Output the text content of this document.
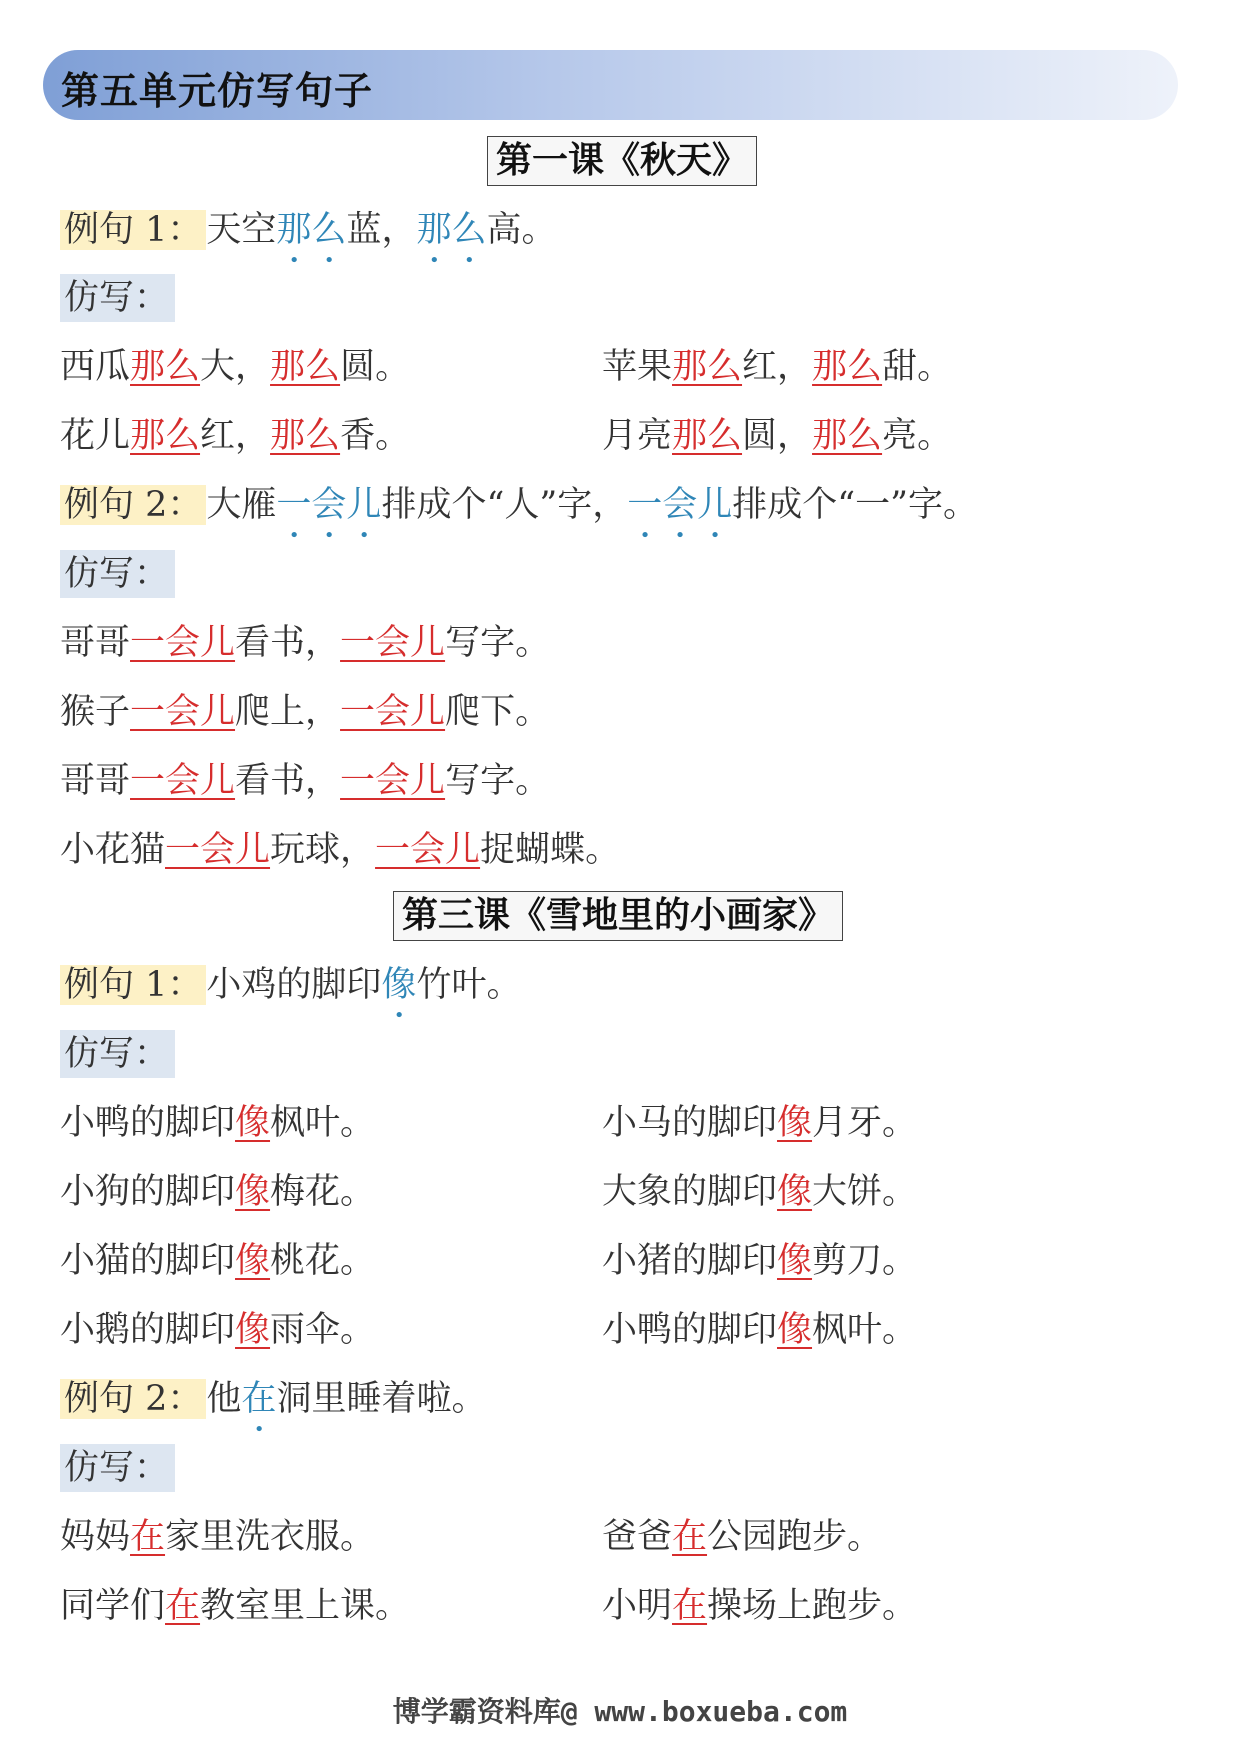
第五单元仿写句子
第一课《秋天》
例句 1： 天空那么蓝，那么高。
仿写：
西瓜那么大，那么圆。	苹果那么红，那么甜。
花儿那么红，那么香。	月亮那么圆，那么亮。
例句 2： 大雁一会儿排成个“人”字，一会儿排成个“一”字。
仿写：
哥哥一会儿看书，一会儿写字。
猴子一会儿爬上，一会儿爬下。
哥哥一会儿看书，一会儿写字。
小花猫一会儿玩球，一会儿捉蝴蝶。
第三课《雪地里的小画家》
例句 1： 小鸡的脚印像竹叶。
仿写：
小鸭的脚印像枫叶。	小马的脚印像月牙。
小狗的脚印像梅花。	大象的脚印像大饼。
小猫的脚印像桃花。	小猪的脚印像剪刀。
小鹅的脚印像雨伞。	小鸭的脚印像枫叶。
例句 2： 他在洞里睡着啦。
仿写：
妈妈在家里洗衣服。	爸爸在公园跑步。
同学们在教室里上课。	小明在操场上跑步。
博学霸资料库@ www.boxueba.com
